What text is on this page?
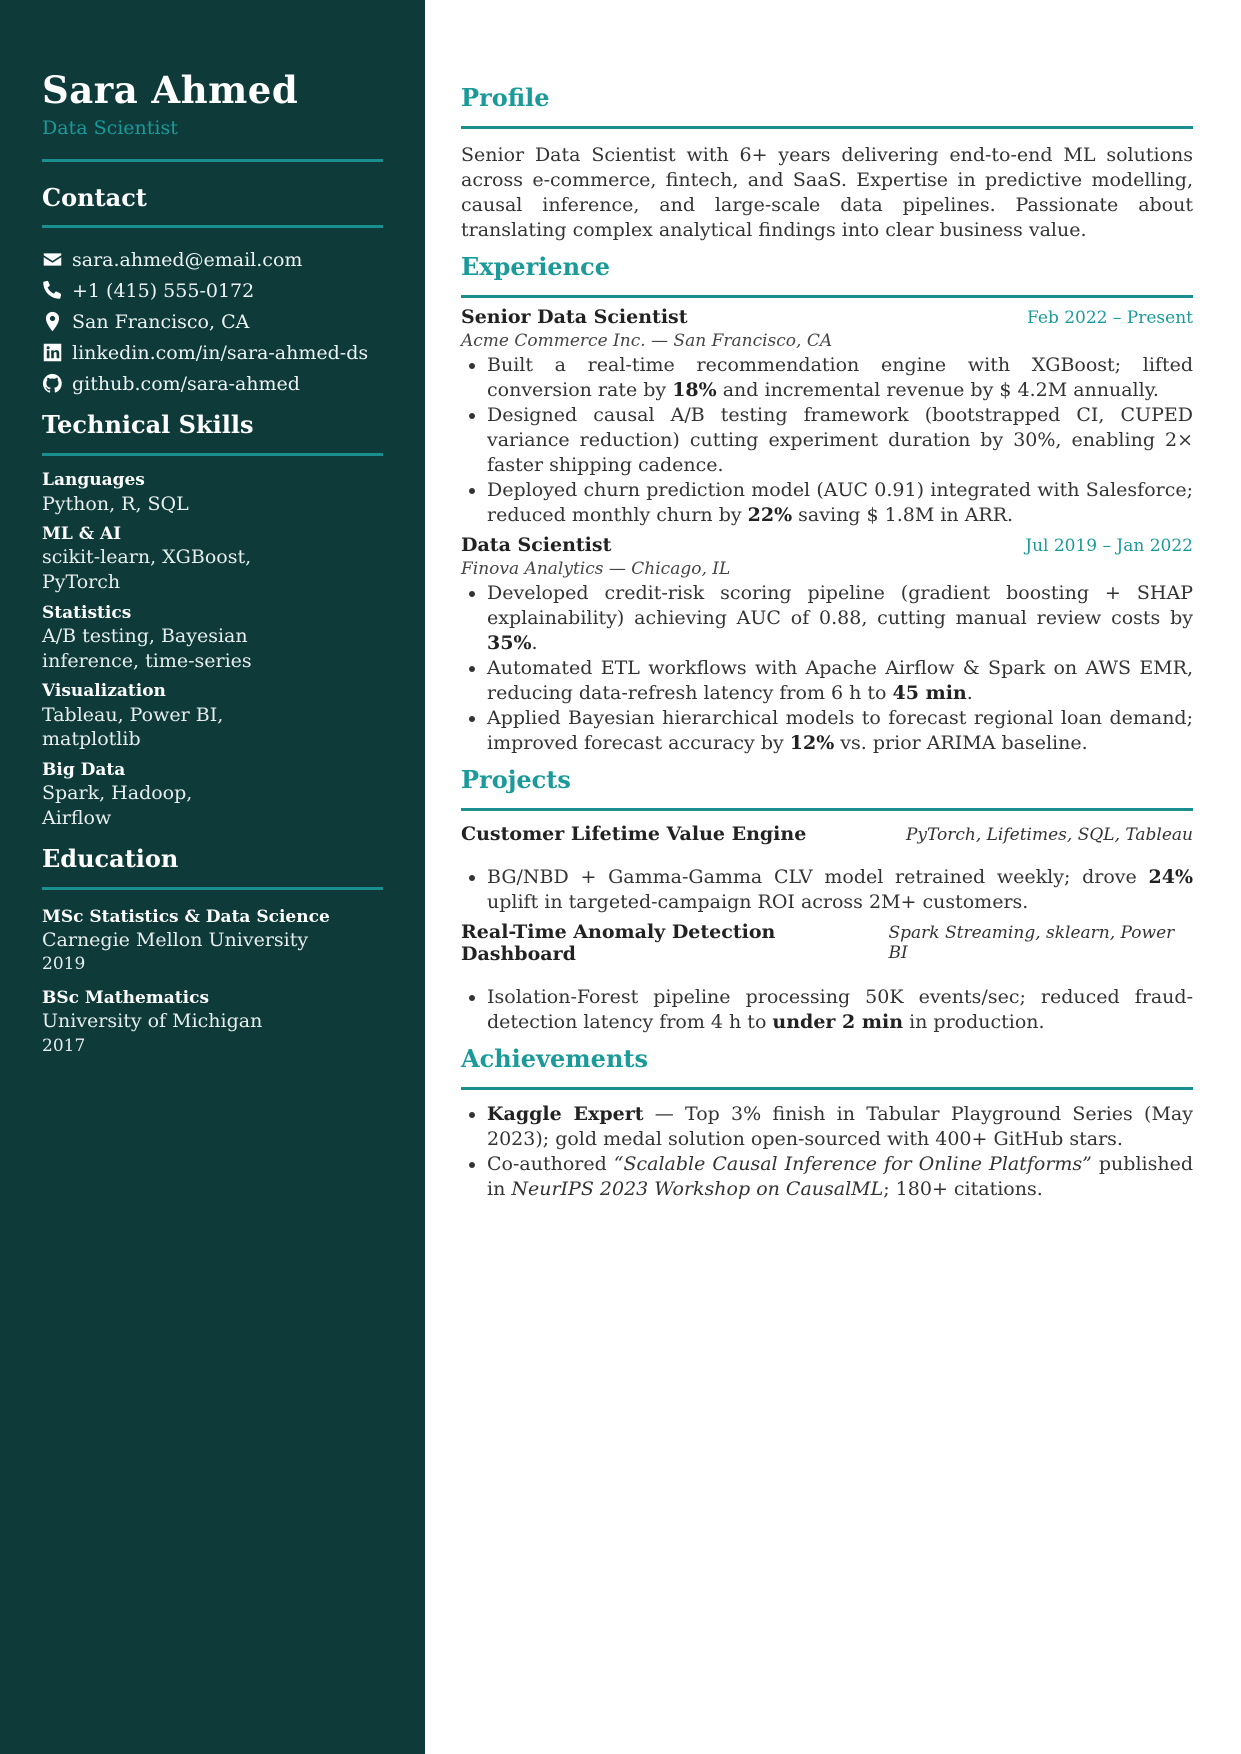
Sara Ahmed
Data Scientist
Contact
sara.ahmed@email.com
+1 (415) 555-0172
San Francisco, CA
linkedin.com/in/sara-ahmed-ds
github.com/sara-ahmed
Technical Skills
Languages
Python, R, SQL
ML & AI
scikit-learn, XGBoost, PyTorch
Statistics
A/B testing, Bayesian inference, time-series
Visualization
Tableau, Power BI, matplotlib
Big Data
Spark, Hadoop, Airflow
Education
MSc Statistics & Data Science
Carnegie Mellon University
2019
BSc Mathematics
University of Michigan
2017
Profile

Senior Data Scientist with 6+ years delivering end-to-end ML solutions across e-commerce, fintech, and SaaS. Expertise in predictive modelling, causal inference, and large-scale data pipelines. Passionate about translating complex analytical findings into clear business value.

Experience
Senior Data Scientist	Feb 2022 – Present
Acme Commerce Inc. — San Francisco, CA
• Built a real-time recommendation engine with XGBoost; lifted conversion rate by 18% and incremental revenue by $ 4.2M annually.
• Designed causal A/B testing framework (bootstrapped CI, CUPED variance reduction) cutting experiment duration by 30%, enabling 2× faster shipping cadence.
• Deployed churn prediction model (AUC 0.91) integrated with Salesforce; reduced monthly churn by 22% saving $ 1.8M in ARR.
Data Scientist	Jul 2019 – Jan 2022
Finova Analytics — Chicago, IL
• Developed credit-risk scoring pipeline (gradient boosting + SHAP explainability) achieving AUC of 0.88, cutting manual review costs by 35%.
• Automated ETL workflows with Apache Airflow & Spark on AWS EMR, reducing data-refresh latency from 6 h to 45 min.
• Applied Bayesian hierarchical models to forecast regional loan demand; improved forecast accuracy by 12% vs. prior ARIMA baseline.
Projects
Customer Lifetime Value Engine	PyTorch, Lifetimes, SQL, Tableau
• BG/NBD + Gamma-Gamma CLV model retrained weekly; drove 24% uplift in targeted-campaign ROI across 2M+ customers.
Real-Time Anomaly Detection Dashboard
Spark Streaming, sklearn, Power BI
• Isolation-Forest pipeline processing 50K events/sec; reduced fraud-detection latency from 4 h to under 2 min in production.
Achievements
• Kaggle Expert — Top 3% finish in Tabular Playground Series (May 2023); gold medal solution open-sourced with 400+ GitHub stars.
• Co-authored “Scalable Causal Inference for Online Platforms” published in NeurIPS 2023 Workshop on CausalML; 180+ citations.
